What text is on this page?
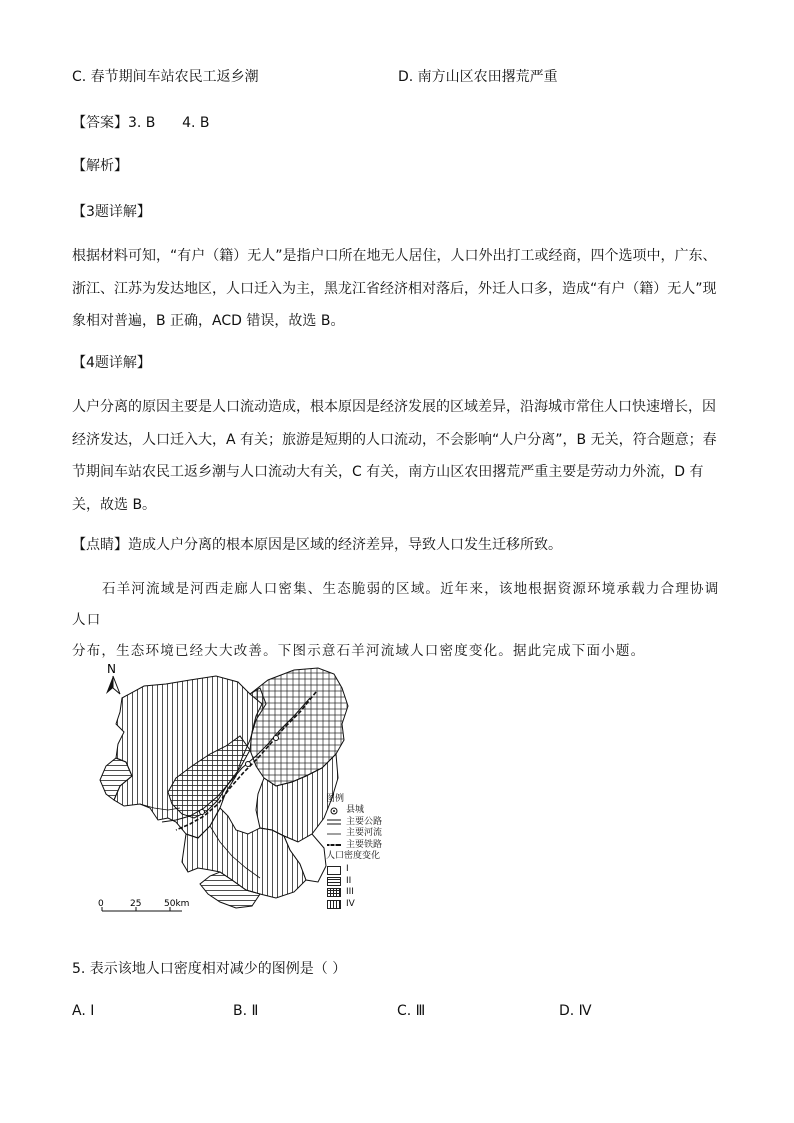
C. 春节期间车站农民工返乡潮	D. 南方山区农田撂荒严重
【答案】3. B      4. B
【解析】
【3题详解】
根据材料可知，“有户（籍）无人”是指户口所在地无人居住，人口外出打工或经商，四个选项中，广东、
浙江、江苏为发达地区，人口迁入为主，黑龙江省经济相对落后，外迁人口多，造成“有户（籍）无人”现
象相对普遍，B 正确，ACD 错误，故选 B。
【4题详解】
人户分离的原因主要是人口流动造成，根本原因是经济发展的区域差异，沿海城市常住人口快速增长，因
经济发达，人口迁入大，A 有关；旅游是短期的人口流动，不会影响“人户分离”，B 无关，符合题意；春
节期间车站农民工返乡潮与人口流动大有关，C 有关，南方山区农田撂荒严重主要是劳动力外流，D 有
关，故选 B。
【点睛】造成人户分离的根本原因是区域的经济差异，导致人口发生迁移所致。
石羊河流域是河西走廊人口密集、生态脆弱的区域。近年来，该地根据资源环境承载力合理协调人口
分布，生态环境已经大大改善。下图示意石羊河流域人口密度变化。据此完成下面小题。
N
0	25	50km
图例
县城
主要公路
主要河流
主要铁路
人口密度变化
I
II
III
IV
5. 表示该地人口密度相对减少的图例是（ ）
A. Ⅰ	B. Ⅱ	C. Ⅲ	D. Ⅳ
